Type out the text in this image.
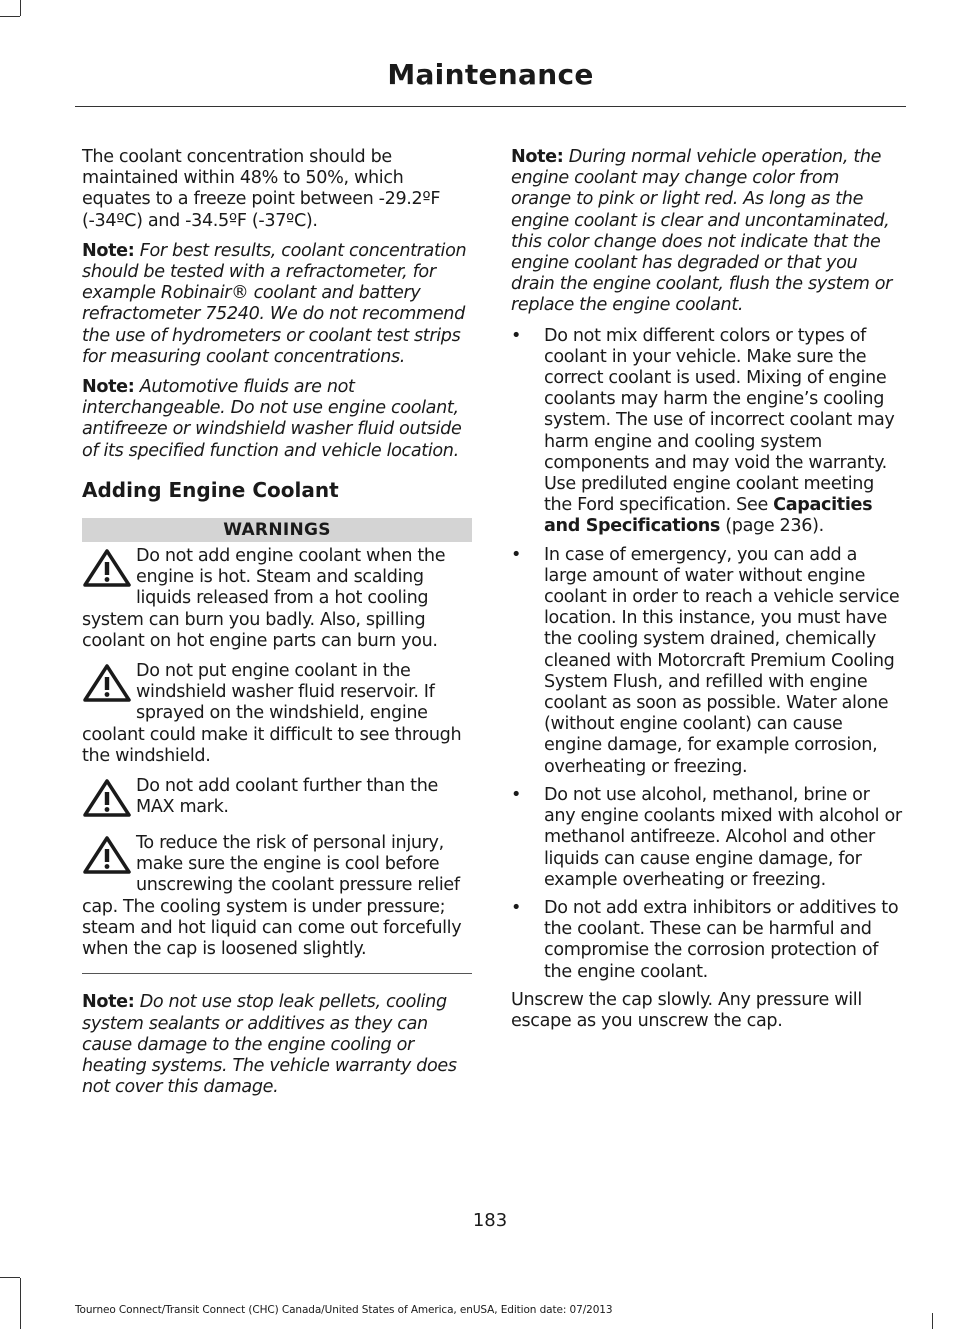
Maintenance

The coolant concentration should be maintained within 48% to 50%, which equates to a freeze point between -29.2ºF (-34ºC) and -34.5ºF (-37ºC).

Note: For best results, coolant concentration should be tested with a refractometer, for example Robinair® coolant and battery refractometer 75240. We do not recommend the use of hydrometers or coolant test strips for measuring coolant concentrations.

Note: Automotive fluids are not interchangeable. Do not use engine coolant, antifreeze or windshield washer fluid outside of its specified function and vehicle location.

Adding Engine Coolant
WARNINGS
Do not add engine coolant when the engine is hot. Steam and scalding liquids released from a hot cooling system can burn you badly. Also, spilling coolant on hot engine parts can burn you.
Do not put engine coolant in the windshield washer fluid reservoir. If sprayed on the windshield, engine coolant could make it difficult to see through the windshield.
Do not add coolant further than the MAX mark.
To reduce the risk of personal injury, make sure the engine is cool before unscrewing the coolant pressure relief cap. The cooling system is under pressure; steam and hot liquid can come out forcefully when the cap is loosened slightly.

Note: Do not use stop leak pellets, cooling system sealants or additives as they can cause damage to the engine cooling or heating systems. The vehicle warranty does not cover this damage.

Note: During normal vehicle operation, the engine coolant may change color from orange to pink or light red. As long as the engine coolant is clear and uncontaminated, this color change does not indicate that the engine coolant has degraded or that you drain the engine coolant, flush the system or replace the engine coolant.

• Do not mix different colors or types of coolant in your vehicle. Make sure the correct coolant is used. Mixing of engine coolants may harm the engine’s cooling system. The use of incorrect coolant may harm engine and cooling system components and may void the warranty. Use prediluted engine coolant meeting the Ford specification. See Capacities and Specifications (page 236).
• In case of emergency, you can add a large amount of water without engine coolant in order to reach a vehicle service location. In this instance, you must have the cooling system drained, chemically cleaned with Motorcraft Premium Cooling System Flush, and refilled with engine coolant as soon as possible. Water alone (without engine coolant) can cause engine damage, for example corrosion, overheating or freezing.
• Do not use alcohol, methanol, brine or any engine coolants mixed with alcohol or methanol antifreeze. Alcohol and other liquids can cause engine damage, for example overheating or freezing.
• Do not add extra inhibitors or additives to the coolant. These can be harmful and compromise the corrosion protection of the engine coolant.

Unscrew the cap slowly. Any pressure will escape as you unscrew the cap.

183
Tourneo Connect/Transit Connect (CHC) Canada/United States of America, enUSA, Edition date: 07/2013
